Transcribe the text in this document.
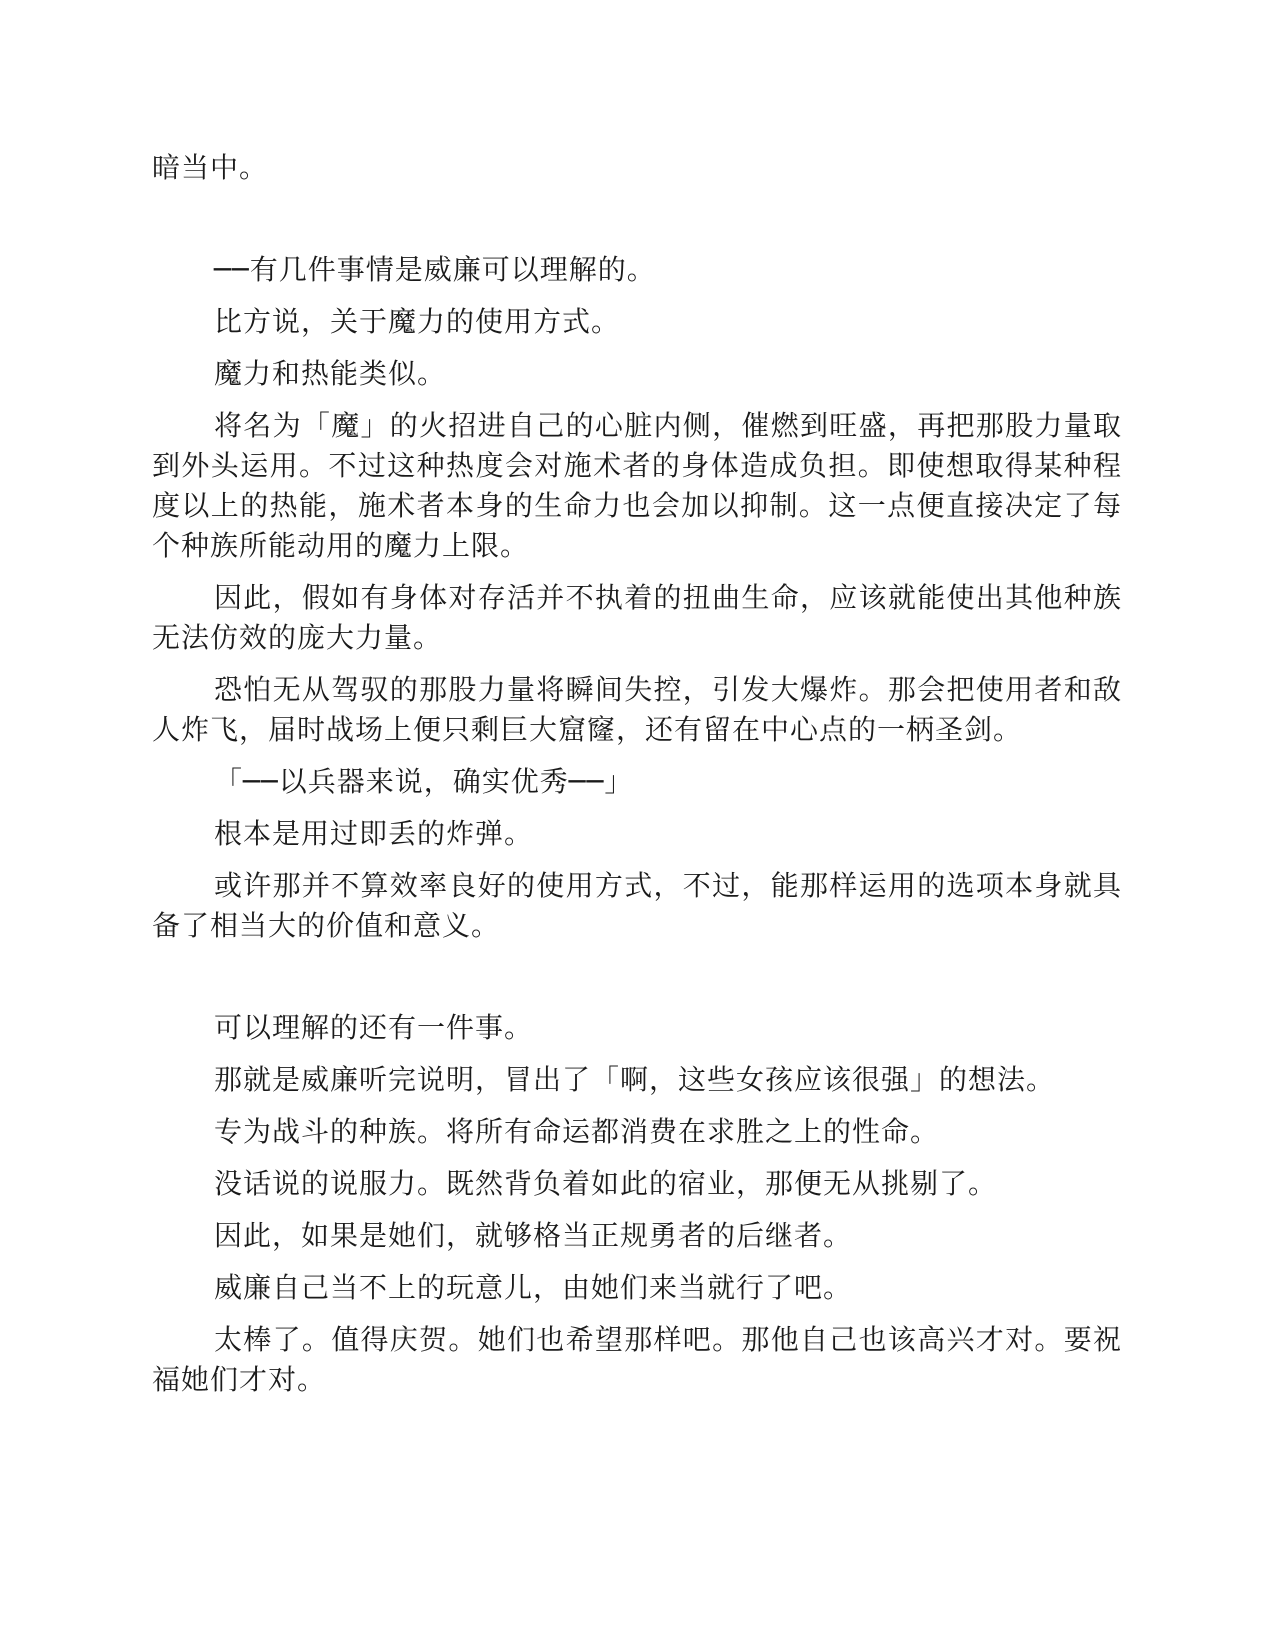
暗当中。

──有几件事情是威廉可以理解的。

比方说，关于魔力的使用方式。

魔力和热能类似。

将名为「魔」的火招进自己的心脏内侧，催燃到旺盛，再把那股力量取到外头运用。不过这种热度会对施术者的身体造成负担。即使想取得某种程度以上的热能，施术者本身的生命力也会加以抑制。这一点便直接决定了每个种族所能动用的魔力上限。

因此，假如有身体对存活并不执着的扭曲生命，应该就能使出其他种族无法仿效的庞大力量。

恐怕无从驾驭的那股力量将瞬间失控，引发大爆炸。那会把使用者和敌人炸飞，届时战场上便只剩巨大窟窿，还有留在中心点的一柄圣剑。

「──以兵器来说，确实优秀──」

根本是用过即丢的炸弹。

或许那并不算效率良好的使用方式，不过，能那样运用的选项本身就具备了相当大的价值和意义。

可以理解的还有一件事。

那就是威廉听完说明，冒出了「啊，这些女孩应该很强」的想法。

专为战斗的种族。将所有命运都消费在求胜之上的性命。

没话说的说服力。既然背负着如此的宿业，那便无从挑剔了。

因此，如果是她们，就够格当正规勇者的后继者。

威廉自己当不上的玩意儿，由她们来当就行了吧。

太棒了。值得庆贺。她们也希望那样吧。那他自己也该高兴才对。要祝福她们才对。
